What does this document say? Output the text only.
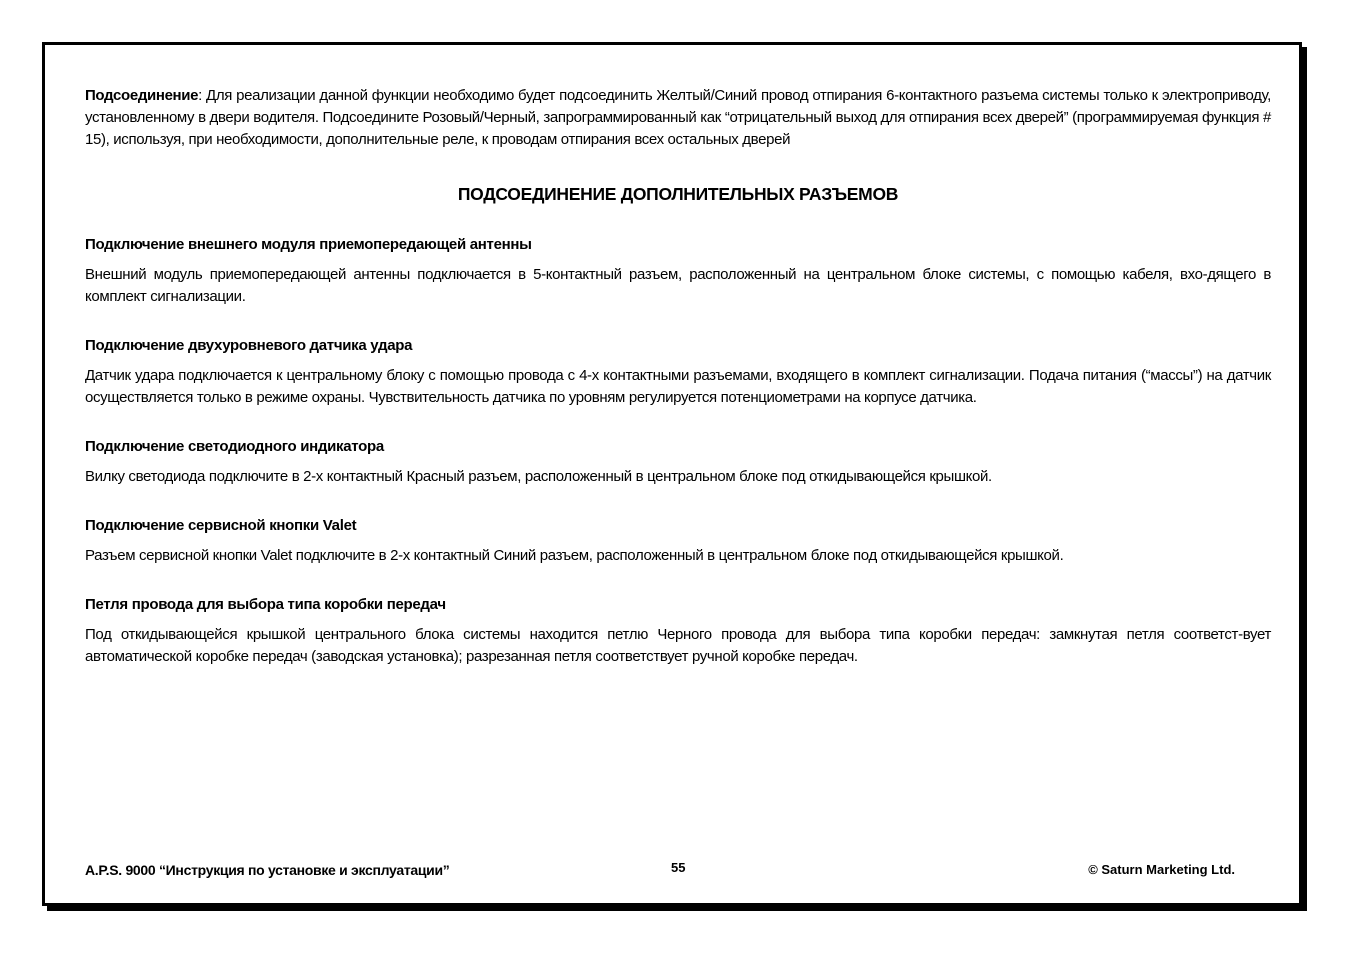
Подсоединение: Для реализации данной функции необходимо будет подсоединить Желтый/Синий провод отпирания 6-контактного разъема системы только к электроприводу, установленному в двери водителя. Подсоедините Розовый/Черный, запрограммированный как “отрицательный выход для отпирания всех дверей” (программируемая функция # 15), используя, при необходимости, дополнительные реле, к проводам отпирания всех остальных дверей

ПОДСОЕДИНЕНИЕ ДОПОЛНИТЕЛЬНЫХ РАЗЪЕМОВ
Подключение внешнего модуля приемопередающей антенны

Внешний модуль приемопередающей антенны подключается в 5-контактный разъем, расположенный на центральном блоке системы, с помощью кабеля, вхо-дящего в комплект сигнализации.

Подключение двухуровневого датчика удара

Датчик удара подключается к центральному блоку с помощью провода с 4-х контактными разъемами, входящего в комплект сигнализации. Подача питания (“массы”) на датчик осуществляется только в режиме охраны. Чувствительность датчика по уровням регулируется потенциометрами на корпусе датчика.

Подключение светодиодного индикатора

Вилку светодиода подключите в 2-х контактный Красный разъем, расположенный в центральном блоке под откидывающейся крышкой.

Подключение сервисной кнопки Valet

Разъем сервисной кнопки Valet подключите в 2-х контактный Синий разъем, расположенный в центральном блоке под откидывающейся крышкой.

Петля провода для выбора типа коробки передач

Под откидывающейся крышкой центрального блока системы находится петлю Черного провода для выбора типа коробки передач: замкнутая петля соответст-вует автоматической коробке передач (заводская установка); разрезанная петля соответствует ручной коробке передач.

A.P.S. 9000 “Инструкция по установке и эксплуатации”	55	© Saturn Marketing Ltd.
